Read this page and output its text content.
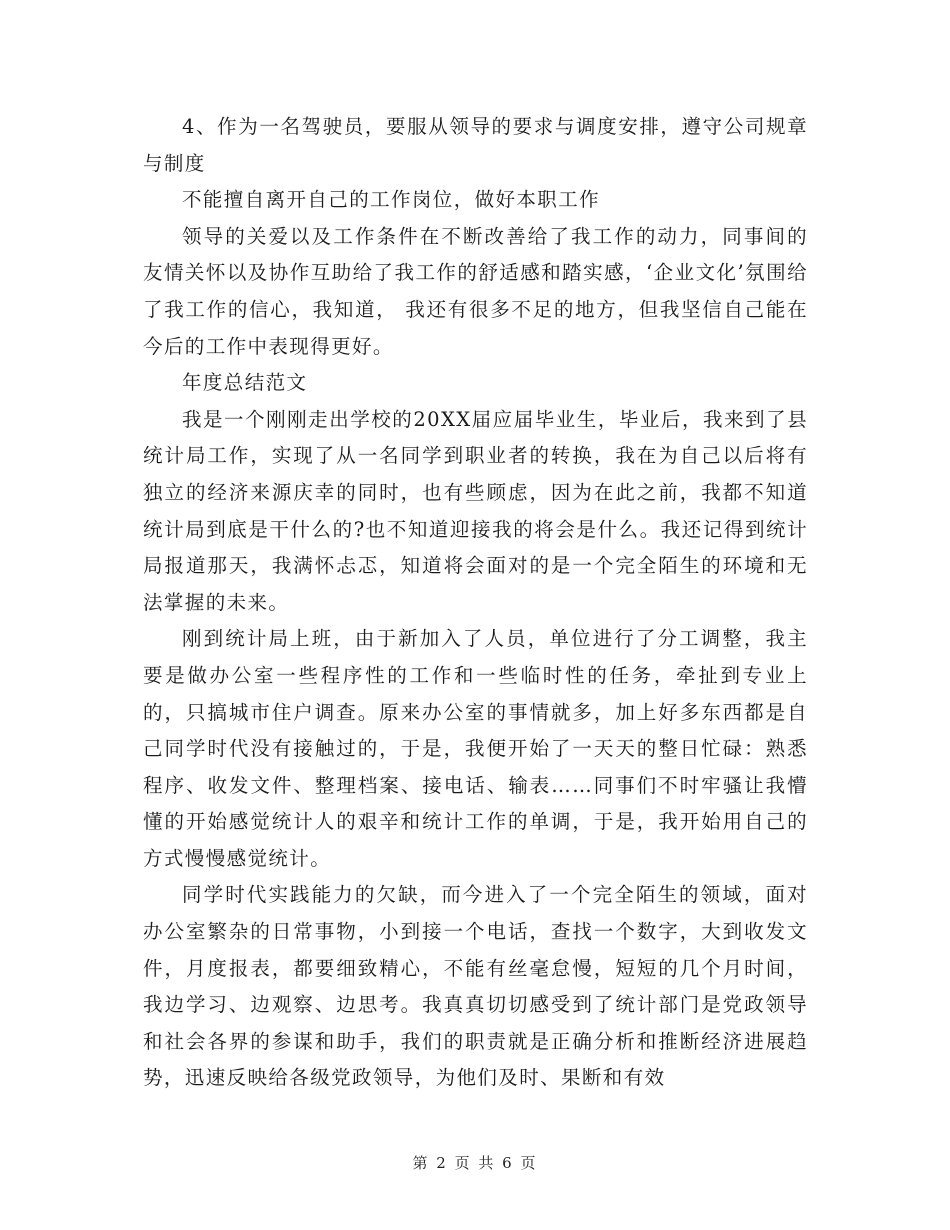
4、作为一名驾驶员，要服从领导的要求与调度安排，遵守公司规章与制度

不能擅自离开自己的工作岗位，做好本职工作

领导的关爱以及工作条件在不断改善给了我工作的动力，同事间的友情关怀以及协作互助给了我工作的舒适感和踏实感，‘企业文化’氛围给了我工作的信心，我知道， 我还有很多不足的地方，但我坚信自己能在今后的工作中表现得更好。

年度总结范文

我是一个刚刚走出学校的20XX届应届毕业生，毕业后，我来到了县统计局工作，实现了从一名同学到职业者的转换，我在为自己以后将有独立的经济来源庆幸的同时，也有些顾虑，因为在此之前，我都不知道统计局到底是干什么的?也不知道迎接我的将会是什么。我还记得到统计局报道那天，我满怀忐忑，知道将会面对的是一个完全陌生的环境和无法掌握的未来。

刚到统计局上班，由于新加入了人员，单位进行了分工调整，我主要是做办公室一些程序性的工作和一些临时性的任务，牵扯到专业上的，只搞城市住户调查。原来办公室的事情就多，加上好多东西都是自己同学时代没有接触过的，于是，我便开始了一天天的整日忙碌：熟悉程序、收发文件、整理档案、接电话、输表……同事们不时牢骚让我懵懂的开始感觉统计人的艰辛和统计工作的单调，于是，我开始用自己的方式慢慢感觉统计。

同学时代实践能力的欠缺，而今进入了一个完全陌生的领域，面对办公室繁杂的日常事物，小到接一个电话，查找一个数字，大到收发文件，月度报表，都要细致精心，不能有丝毫怠慢，短短的几个月时间，我边学习、边观察、边思考。我真真切切感受到了统计部门是党政领导和社会各界的参谋和助手，我们的职责就是正确分析和推断经济进展趋势，迅速反映给各级党政领导，为他们及时、果断和有效

第 2 页 共 6 页
